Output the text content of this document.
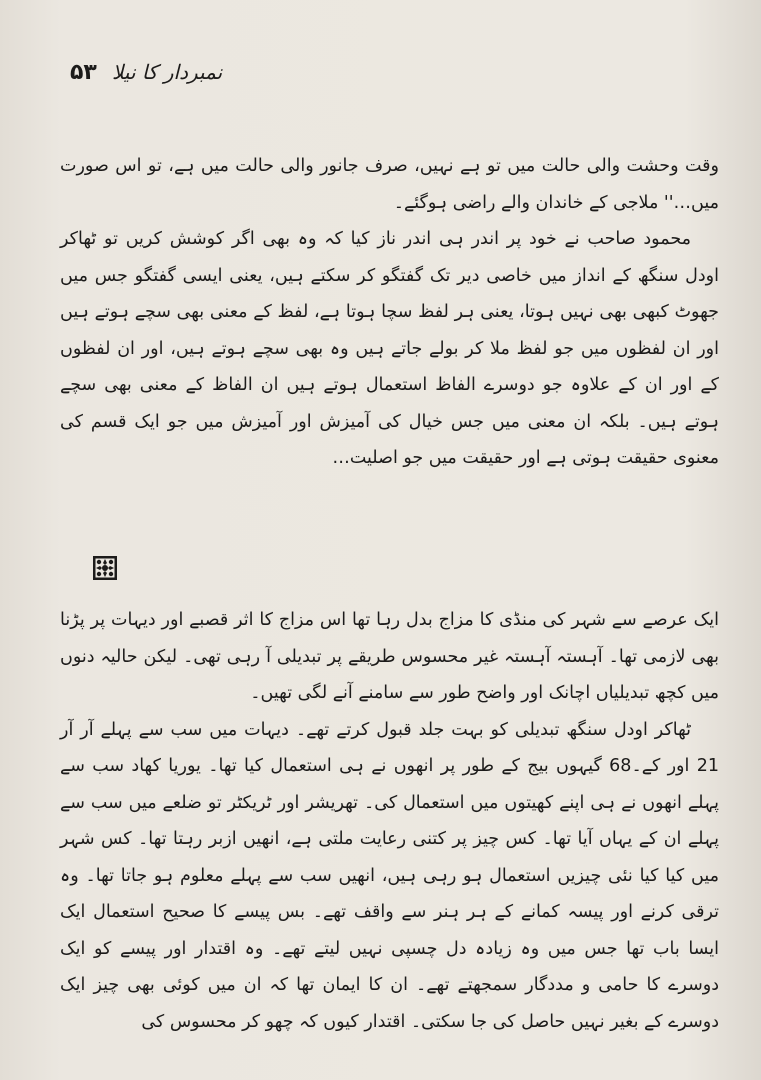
۵۳ نمبردار کا نیلا

وقت وحشت والی حالت میں تو ہے نہیں، صرف جانور والی حالت میں ہے، تو اس صورت میں…'' ملاجی کے خاندان والے راضی ہوگئے۔

محمود صاحب نے خود پر اندر ہی اندر ناز کیا کہ وہ بھی اگر کوشش کریں تو ٹھاکر اودل سنگھ کے انداز میں خاصی دیر تک گفتگو کر سکتے ہیں، یعنی ایسی گفتگو جس میں جھوٹ کبھی بھی نہیں ہوتا، یعنی ہر لفظ سچا ہوتا ہے، لفظ کے معنی بھی سچے ہوتے ہیں اور ان لفظوں میں جو لفظ ملا کر بولے جاتے ہیں وہ بھی سچے ہوتے ہیں، اور ان لفظوں کے اور ان کے علاوہ جو دوسرے الفاظ استعمال ہوتے ہیں ان الفاظ کے معنی بھی سچے ہوتے ہیں۔ بلکہ ان معنی میں جس خیال کی آمیزش اور آمیزش میں جو ایک قسم کی معنوی حقیقت ہوتی ہے اور حقیقت میں جو اصلیت…

ایک عرصے سے شہر کی منڈی کا مزاج بدل رہا تھا اس مزاج کا اثر قصبے اور دیہات پر پڑنا بھی لازمی تھا۔ آہستہ آہستہ غیر محسوس طریقے پر تبدیلی آ رہی تھی۔ لیکن حالیہ دنوں میں کچھ تبدیلیاں اچانک اور واضح طور سے سامنے آنے لگی تھیں۔

ٹھاکر اودل سنگھ تبدیلی کو بہت جلد قبول کرتے تھے۔ دیہات میں سب سے پہلے آر آر 21 اور کے۔68 گیہوں بیج کے طور پر انھوں نے ہی استعمال کیا تھا۔ یوریا کھاد سب سے پہلے انھوں نے ہی اپنے کھیتوں میں استعمال کی۔ تھریشر اور ٹریکٹر تو ضلعے میں سب سے پہلے ان کے یہاں آیا تھا۔ کس چیز پر کتنی رعایت ملتی ہے، انھیں ازبر رہتا تھا۔ کس شہر میں کیا کیا نئی چیزیں استعمال ہو رہی ہیں، انھیں سب سے پہلے معلوم ہو جاتا تھا۔ وہ ترقی کرنے اور پیسہ کمانے کے ہر ہنر سے واقف تھے۔ بس پیسے کا صحیح استعمال ایک ایسا باب تھا جس میں وہ زیادہ دل چسپی نہیں لیتے تھے۔ وہ اقتدار اور پیسے کو ایک دوسرے کا حامی و مددگار سمجھتے تھے۔ ان کا ایمان تھا کہ ان میں کوئی بھی چیز ایک دوسرے کے بغیر نہیں حاصل کی جا سکتی۔ اقتدار کیوں کہ چھو کر محسوس کی
